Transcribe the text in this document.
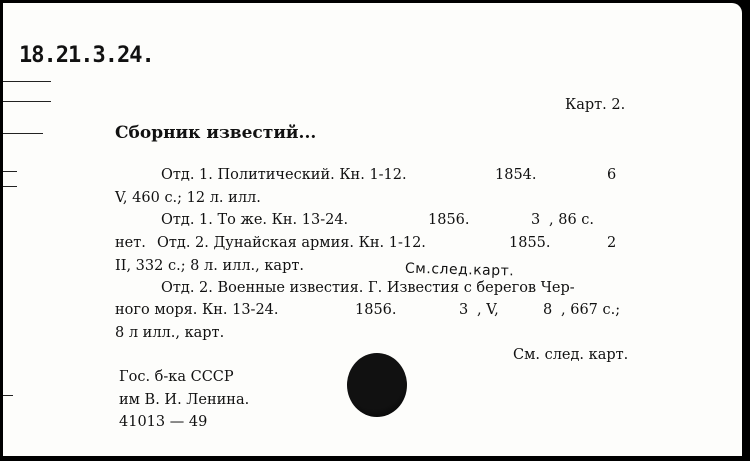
18.21.3.24.
Карт. 2.
Сборник известий...
Отд. 1. Политический. Кн. 1-12.	1854.	6
V, 460 с.; 12 л. илл.
Отд. 1. То же. Кн. 13-24.	1856.	3 , 86 с.
нет. Отд. 2. Дунайская армия. Кн. 1-12.	1855.	2
II, 332 с.; 8 л. илл., карт.	См.след.карт.
Отд. 2. Военные известия. Г. Известия с берегов Чер-
ного моря. Кн. 13-24.	1856.	3 , V,	8 , 667 с.;
8 л илл., карт.
См. след. карт.
Гос. б-ка СССР
им В. И. Ленина.
41013 — 49
